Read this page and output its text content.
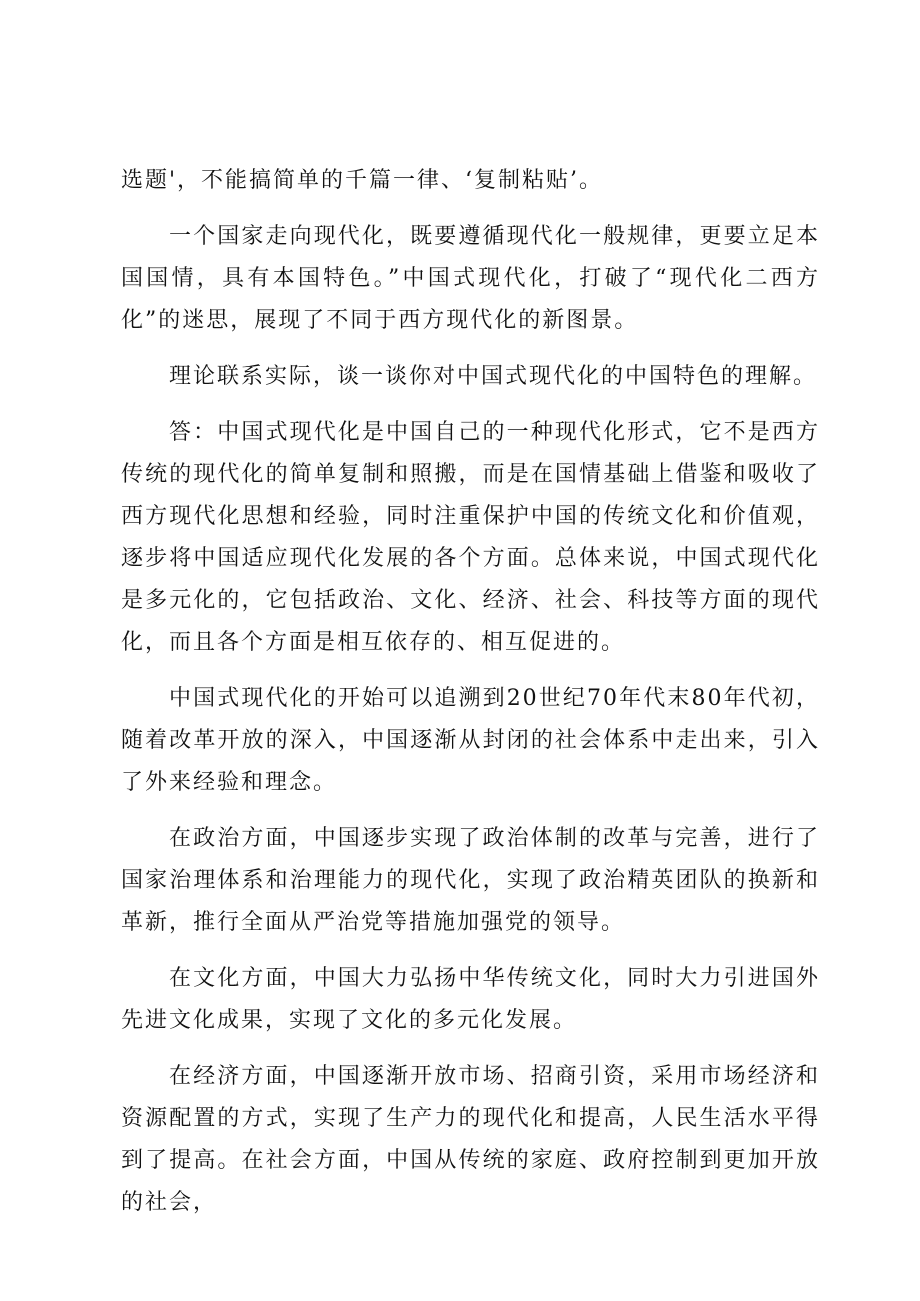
选题'，不能搞简单的千篇一律、‘复制粘贴’。

一个国家走向现代化，既要遵循现代化一般规律，更要立足本国国情，具有本国特色。”中国式现代化，打破了“现代化二西方化”的迷思，展现了不同于西方现代化的新图景。

理论联系实际，谈一谈你对中国式现代化的中国特色的理解。

答：中国式现代化是中国自己的一种现代化形式，它不是西方传统的现代化的简单复制和照搬，而是在国情基础上借鉴和吸收了西方现代化思想和经验，同时注重保护中国的传统文化和价值观，逐步将中国适应现代化发展的各个方面。总体来说，中国式现代化是多元化的，它包括政治、文化、经济、社会、科技等方面的现代化，而且各个方面是相互依存的、相互促进的。

中国式现代化的开始可以追溯到20世纪70年代末80年代初，随着改革开放的深入，中国逐渐从封闭的社会体系中走出来，引入了外来经验和理念。

在政治方面，中国逐步实现了政治体制的改革与完善，进行了国家治理体系和治理能力的现代化，实现了政治精英团队的换新和革新，推行全面从严治党等措施加强党的领导。

在文化方面，中国大力弘扬中华传统文化，同时大力引进国外先进文化成果，实现了文化的多元化发展。

在经济方面，中国逐渐开放市场、招商引资，采用市场经济和资源配置的方式，实现了生产力的现代化和提高，人民生活水平得到了提高。在社会方面，中国从传统的家庭、政府控制到更加开放的社会，
